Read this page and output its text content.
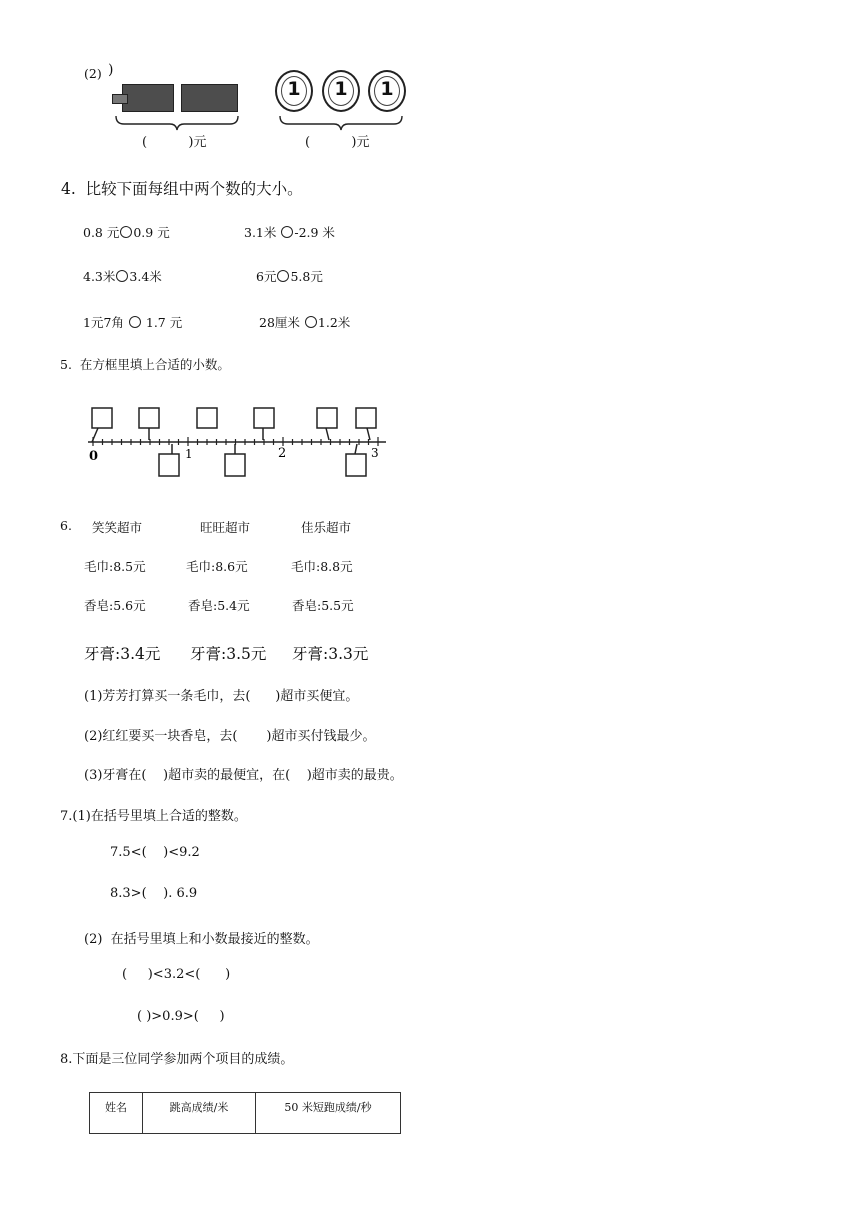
(2) )
(          )元
1	1	1
(          )元
4.  比较下面每组中两个数的大小。
0.8 元 0.9 元	3.1米 -2.9 米
4.3米 3.4米	6元 5.8元
1元7角  1.7 元	28厘米 1.2米
5.  在方框里填上合适的小数。
0	1	2	3
6. 笑笑超市	旺旺超市	佳乐超市
毛巾:8.5元	毛巾:8.6元	毛巾:8.8元
香皂:5.6元	香皂:5.4元	香皂:5.5元
牙膏:3.4元 牙膏:3.5元 牙膏:3.3元
(1)芳芳打算买一条毛巾，去(      )超市买便宜。
(2)红红要买一块香皂，去(       )超市买付钱最少。
(3)牙膏在(    )超市卖的最便宜，在(    )超市卖的最贵。
7.(1)在括号里填上合适的整数。
7.5<(    )<9.2
8.3>(    ). 6.9
(2)  在括号里填上和小数最接近的整数。
(     )<3.2<(      )
( )>0.9>(     )
8.下面是三位同学参加两个项目的成绩。
姓名	跳高成绩/米	50 米短跑成绩/秒
